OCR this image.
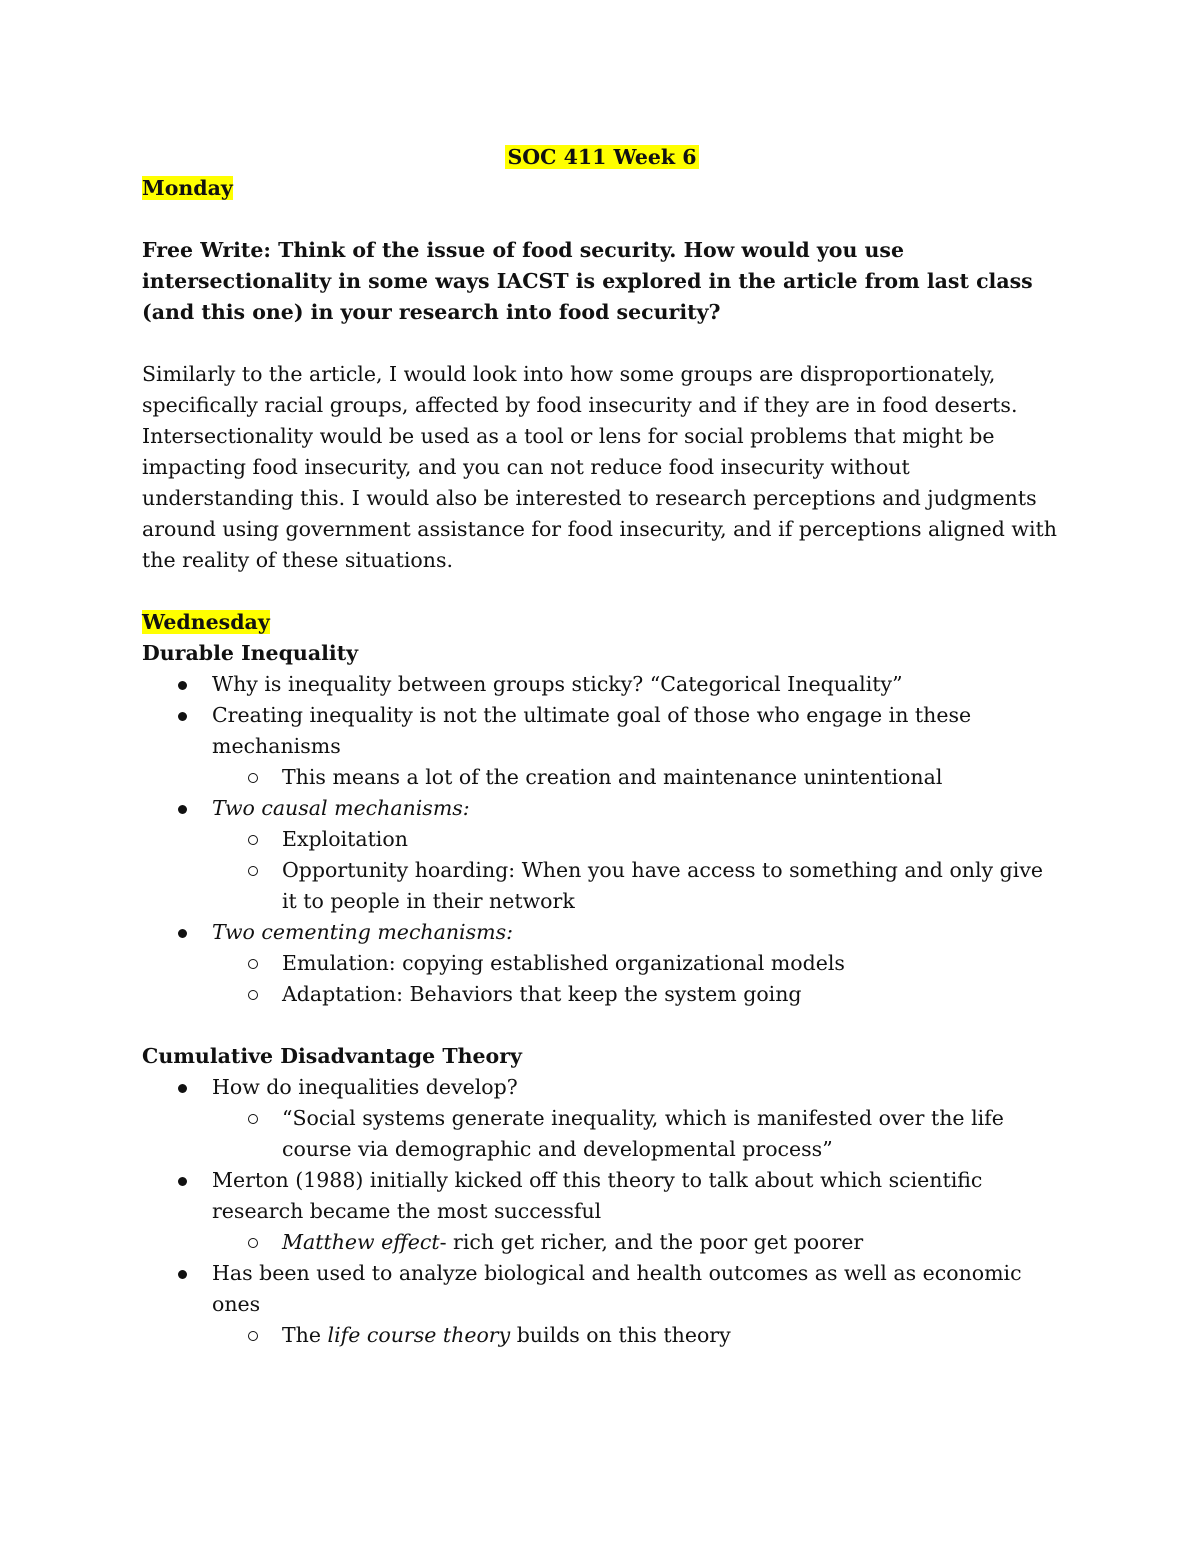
SOC 411 Week 6
Monday

Free Write: Think of the issue of food security. How would you use intersectionality in some ways IACST is explored in the article from last class (and this one) in your research into food security?

Similarly to the article, I would look into how some groups are disproportionately, specifically racial groups, affected by food insecurity and if they are in food deserts. Intersectionality would be used as a tool or lens for social problems that might be impacting food insecurity, and you can not reduce food insecurity without understanding this. I would also be interested to research perceptions and judgments around using government assistance for food insecurity, and if perceptions aligned with the reality of these situations.

Wednesday
Durable Inequality
Why is inequality between groups sticky? “Categorical Inequality”
Creating inequality is not the ultimate goal of those who engage in these mechanisms
This means a lot of the creation and maintenance unintentional
Two causal mechanisms:
Exploitation
Opportunity hoarding: When you have access to something and only give it to people in their network
Two cementing mechanisms:
Emulation: copying established organizational models
Adaptation: Behaviors that keep the system going
Cumulative Disadvantage Theory
How do inequalities develop?
“Social systems generate inequality, which is manifested over the life course via demographic and developmental process”
Merton (1988) initially kicked off this theory to talk about which scientific research became the most successful
Matthew effect- rich get richer, and the poor get poorer
Has been used to analyze biological and health outcomes as well as economic ones
The life course theory builds on this theory
